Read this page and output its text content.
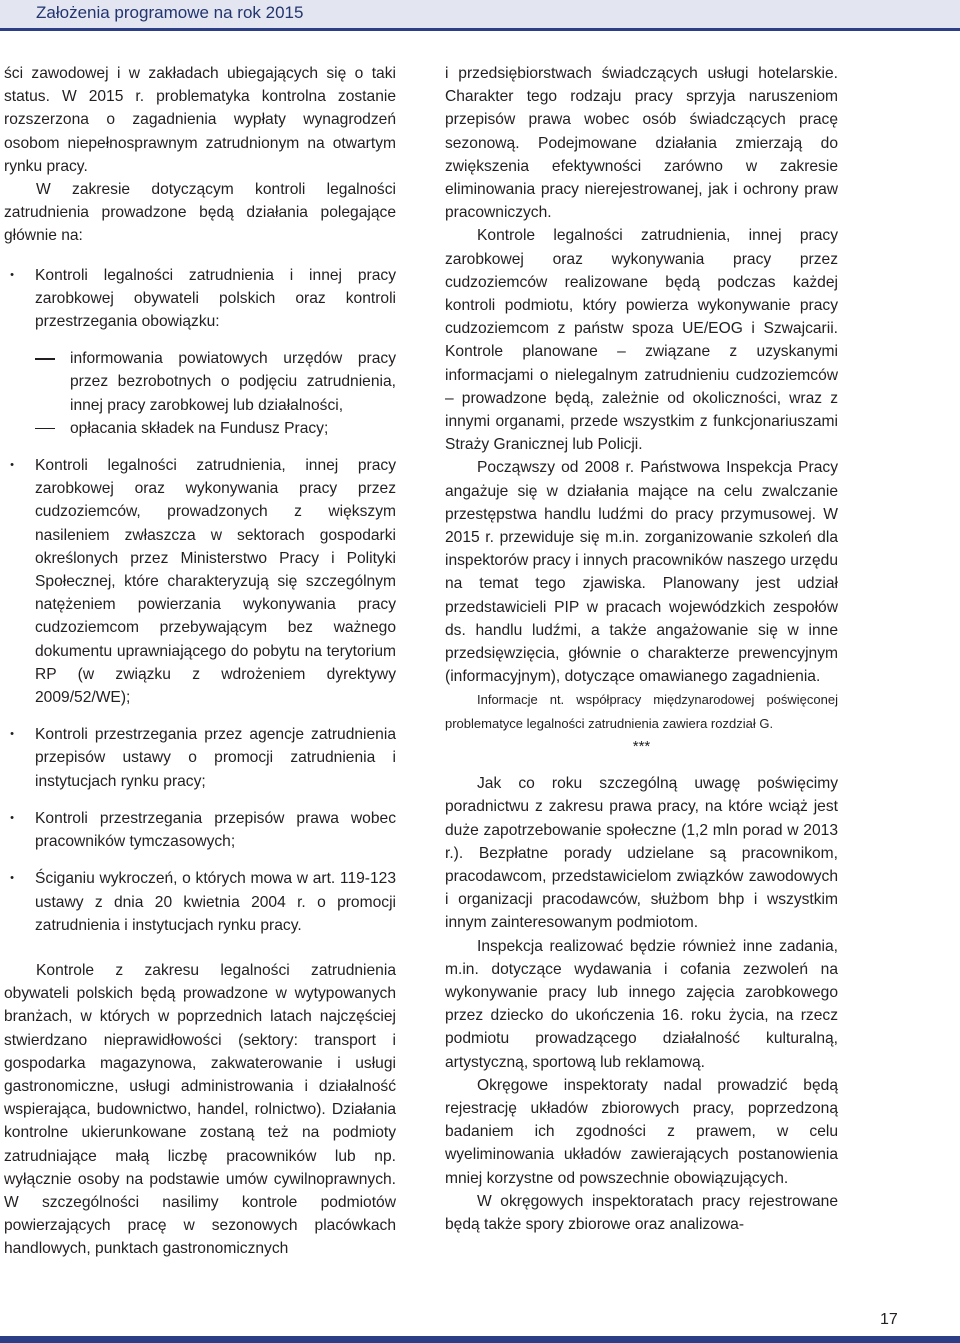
Założenia programowe na rok 2015

ści zawodowej i w zakładach ubiegających się o taki status. W 2015 r. problematyka kontrolna zostanie rozszerzona o zagadnienia wypłaty wynagrodzeń osobom niepełnosprawnym zatrudnionym na otwartym rynku pracy.

W zakresie dotyczącym kontroli legalności zatrudnienia prowadzone będą działania polegające głównie na:

•	Kontroli legalności zatrudnienia i innej pracy zarobkowej obywateli polskich oraz kontroli przestrzegania obowiązku:
informowania powiatowych urzędów pracy przez bezrobotnych o podjęciu zatrudnienia, innej pracy zarobkowej lub działalności,
opłacania składek na Fundusz Pracy;
•	Kontroli legalności zatrudnienia, innej pracy zarobkowej oraz wykonywania pracy przez cudzoziemców, prowadzonych z większym nasileniem zwłaszcza w sektorach gospodarki określonych przez Ministerstwo Pracy i Polityki Społecznej, które charakteryzują się szczególnym natężeniem powierzania wykonywania pracy cudzoziemcom przebywającym bez ważnego dokumentu uprawniającego do pobytu na terytorium RP (w związku z wdrożeniem dyrektywy 2009/52/WE);
•	Kontroli przestrzegania przez agencje zatrudnienia przepisów ustawy o promocji zatrudnienia i instytucjach rynku pracy;
•	Kontroli przestrzegania przepisów prawa wobec pracowników tymczasowych;
•	Ściganiu wykroczeń, o których mowa w art. 119-123 ustawy z dnia 20 kwietnia 2004 r. o promocji zatrudnienia i instytucjach rynku pracy.

Kontrole z zakresu legalności zatrudnienia obywateli polskich będą prowadzone w wytypowanych branżach, w których w poprzednich latach najczęściej stwierdzano nieprawidłowości (sektory: transport i gospodarka magazynowa, zakwaterowanie i usługi gastronomiczne, usługi administrowania i działalność wspierająca, budownictwo, handel, rolnictwo). Działania kontrolne ukierunkowane zostaną też na podmioty zatrudniające małą liczbę pracowników lub np. wyłącznie osoby na podstawie umów cywilnoprawnych. W szczególności nasilimy kontrole podmiotów powierzających pracę w sezonowych placówkach handlowych, punktach gastronomicznych

i przedsiębiorstwach świadczących usługi hotelarskie. Charakter tego rodzaju pracy sprzyja naruszeniom przepisów prawa wobec osób świadczących pracę sezonową. Podejmowane działania zmierzają do zwiększenia efektywności zarówno w zakresie eliminowania pracy nierejestrowanej, jak i ochrony praw pracowniczych.

Kontrole legalności zatrudnienia, innej pracy zarobkowej oraz wykonywania pracy przez cudzoziemców realizowane będą podczas każdej kontroli podmiotu, który powierza wykonywanie pracy cudzoziemcom z państw spoza UE/EOG i Szwajcarii. Kontrole planowane – związane z uzyskanymi informacjami o nielegalnym zatrudnieniu cudzoziemców – prowadzone będą, zależnie od okoliczności, wraz z innymi organami, przede wszystkim z funkcjonariuszami Straży Granicznej lub Policji.

Począwszy od 2008 r. Państwowa Inspekcja Pracy angażuje się w działania mające na celu zwalczanie przestępstwa handlu ludźmi do pracy przymusowej. W 2015 r. przewiduje się m.in. zorganizowanie szkoleń dla inspektorów pracy i innych pracowników naszego urzędu na temat tego zjawiska. Planowany jest udział przedstawicieli PIP w pracach wojewódzkich zespołów ds. handlu ludźmi, a także angażowanie się w inne przedsięwzięcia, głównie o charakterze prewencyjnym (informacyjnym), dotyczące omawianego zagadnienia.

Informacje nt. współpracy międzynarodowej poświęconej problematyce legalności zatrudnienia zawiera rozdział G.

***

Jak co roku szczególną uwagę poświęcimy poradnictwu z zakresu prawa pracy, na które wciąż jest duże zapotrzebowanie społeczne (1,2 mln porad w 2013 r.). Bezpłatne porady udzielane są pracownikom, pracodawcom, przedstawicielom związków zawodowych i organizacji pracodawców, służbom bhp i wszystkim innym zainteresowanym podmiotom.

Inspekcja realizować będzie również inne zadania, m.in. dotyczące wydawania i cofania zezwoleń na wykonywanie pracy lub innego zajęcia zarobkowego przez dziecko do ukończenia 16. roku życia, na rzecz podmiotu prowadzącego działalność kulturalną, artystyczną, sportową lub reklamową.

Okręgowe inspektoraty nadal prowadzić będą rejestrację układów zbiorowych pracy, poprzedzoną badaniem ich zgodności z prawem, w celu wyeliminowania układów zawierających postanowienia mniej korzystne od powszechnie obowiązujących.

W okręgowych inspektoratach pracy rejestrowane będą także spory zbiorowe oraz analizowa-

17
